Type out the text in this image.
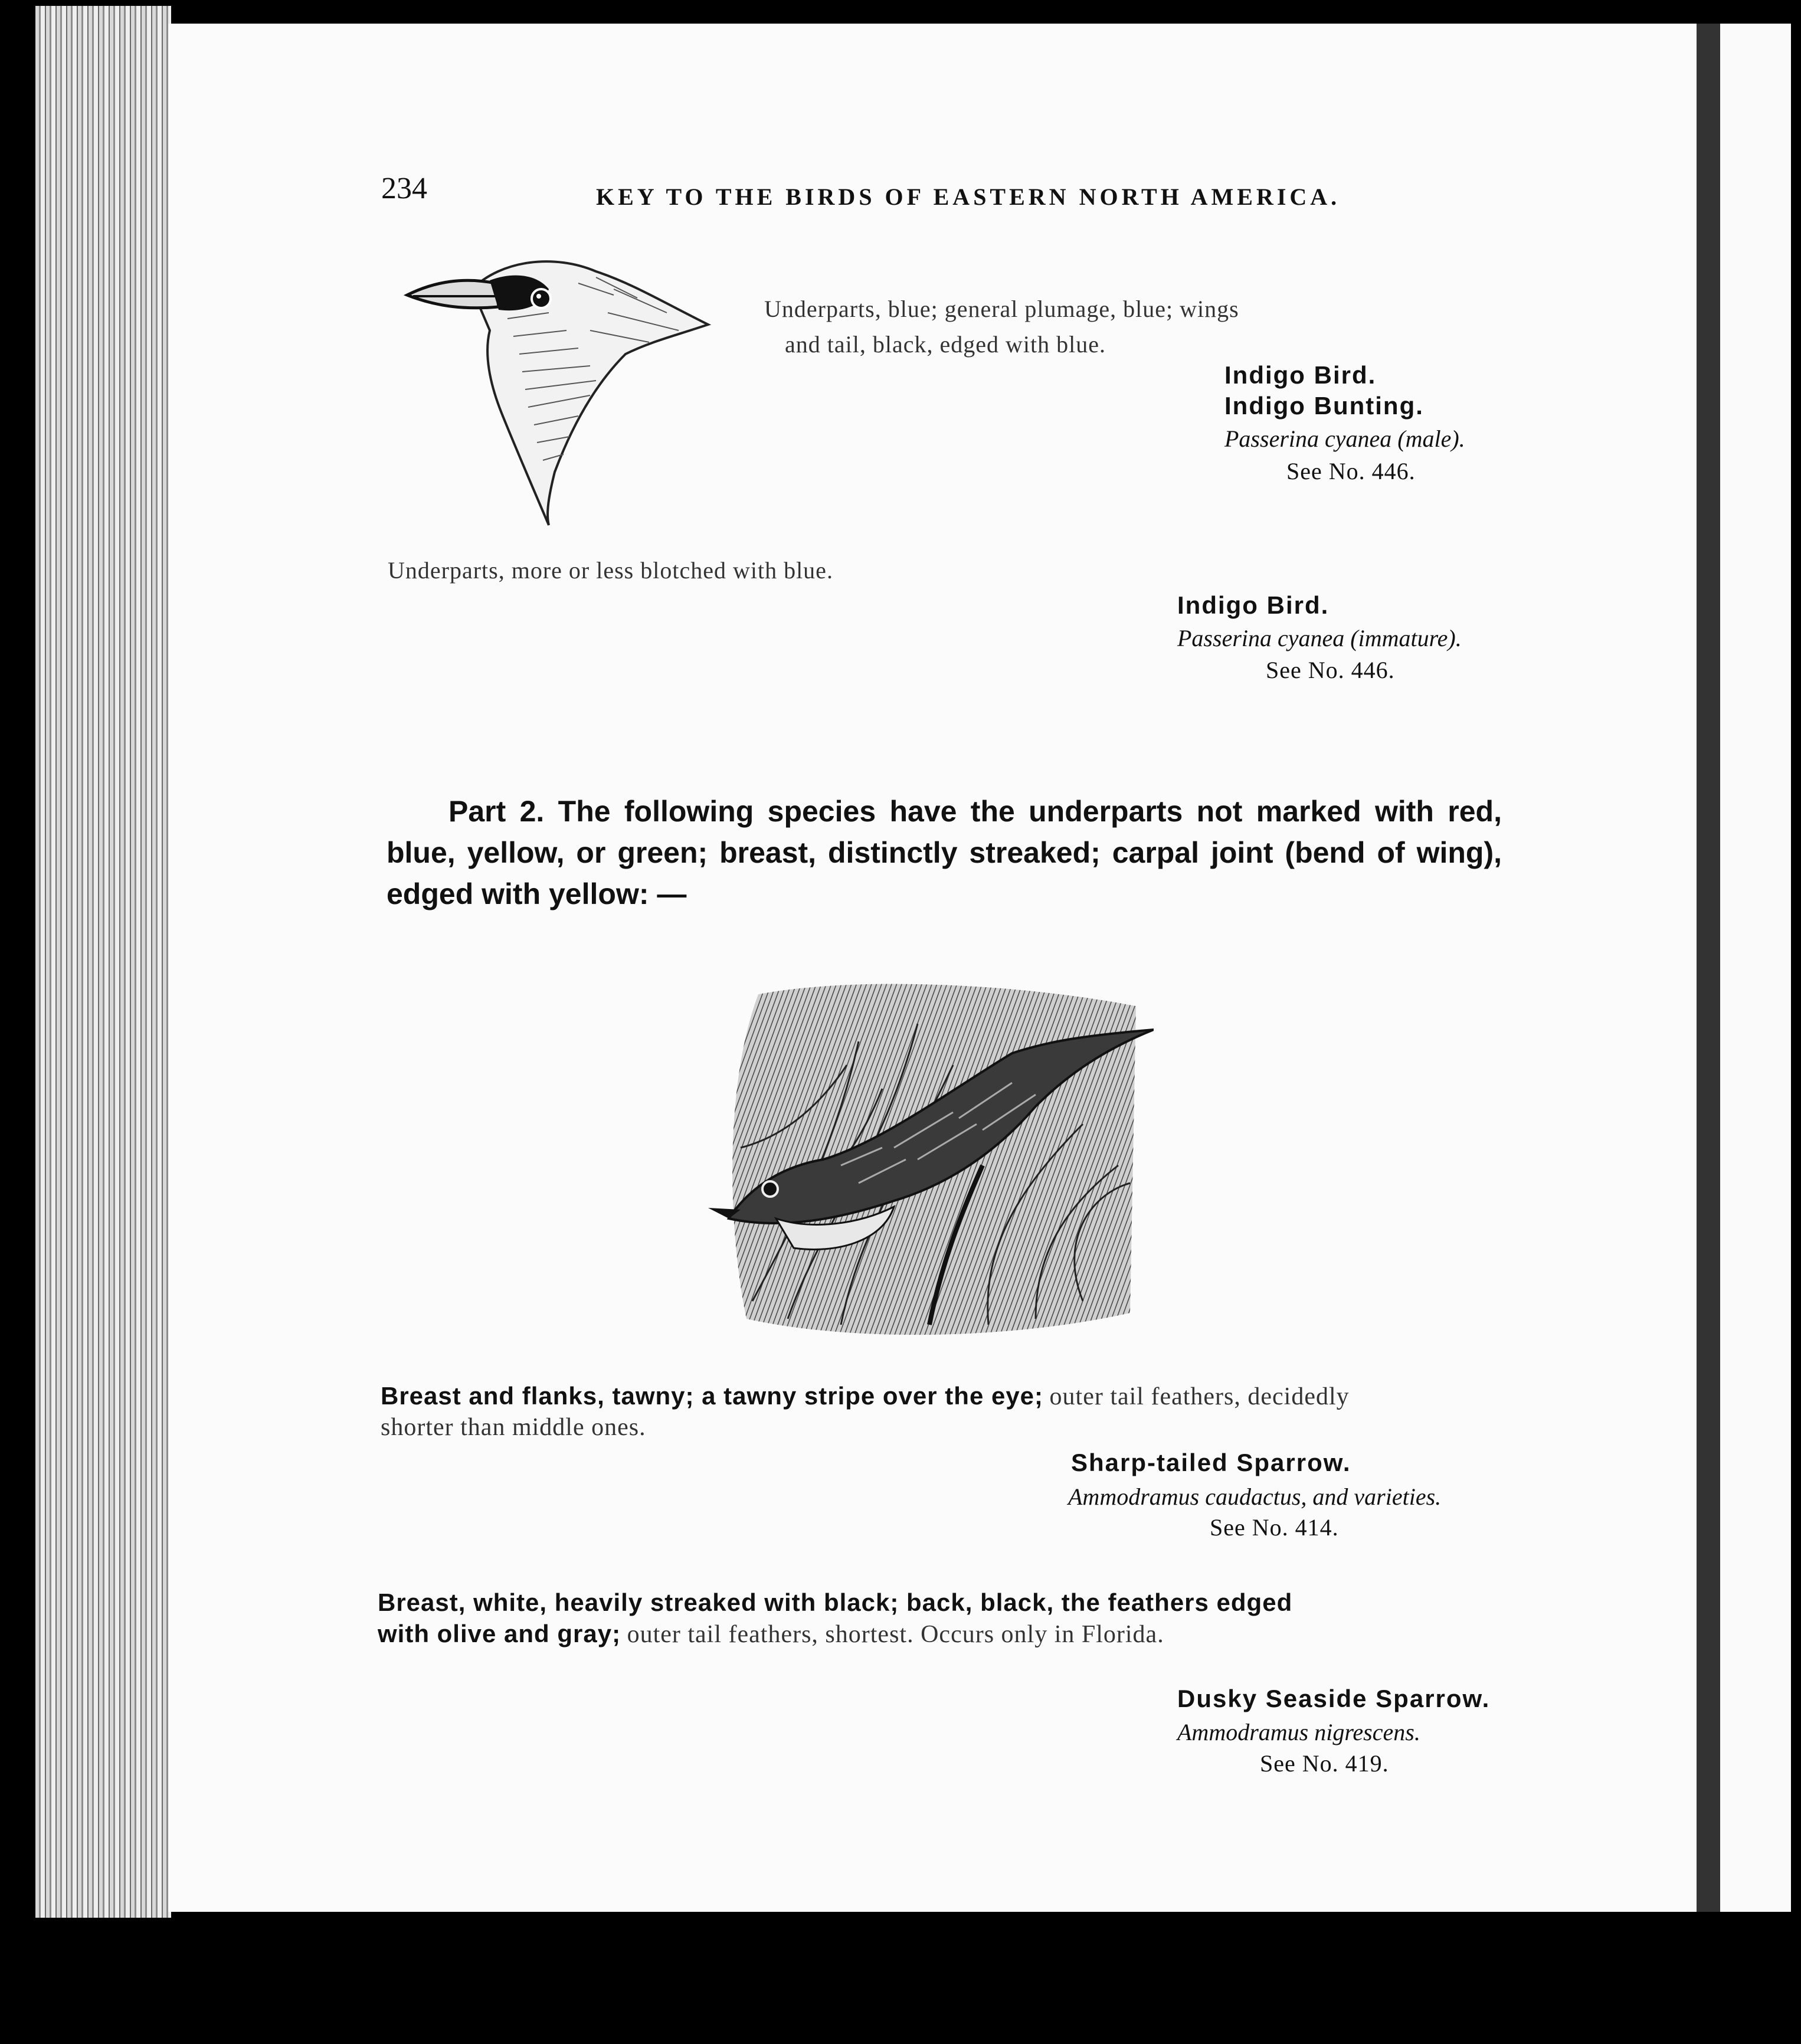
234	KEY TO THE BIRDS OF EASTERN NORTH AMERICA.

Underparts, blue; general plumage, blue; wings

and tail, black, edged with blue.

Indigo Bird.

Indigo Bunting.

Passerina cyanea (male).

See No. 446.

Underparts, more or less blotched with blue.

Indigo Bird.

Passerina cyanea (immature).

See No. 446.

Part 2. The following species have the underparts not marked with red, blue, yellow, or green; breast, distinctly streaked; carpal joint (bend of wing), edged with yellow: —

Breast and flanks, tawny; a tawny stripe over the eye; outer tail feathers, decidedly shorter than middle ones.

Sharp-tailed Sparrow.

Ammodramus caudactus, and varieties.

See No. 414.

Breast, white, heavily streaked with black; back, black, the feathers edged with olive and gray; outer tail feathers, shortest. Occurs only in Florida.

Dusky Seaside Sparrow.

Ammodramus nigrescens.

See No. 419.
